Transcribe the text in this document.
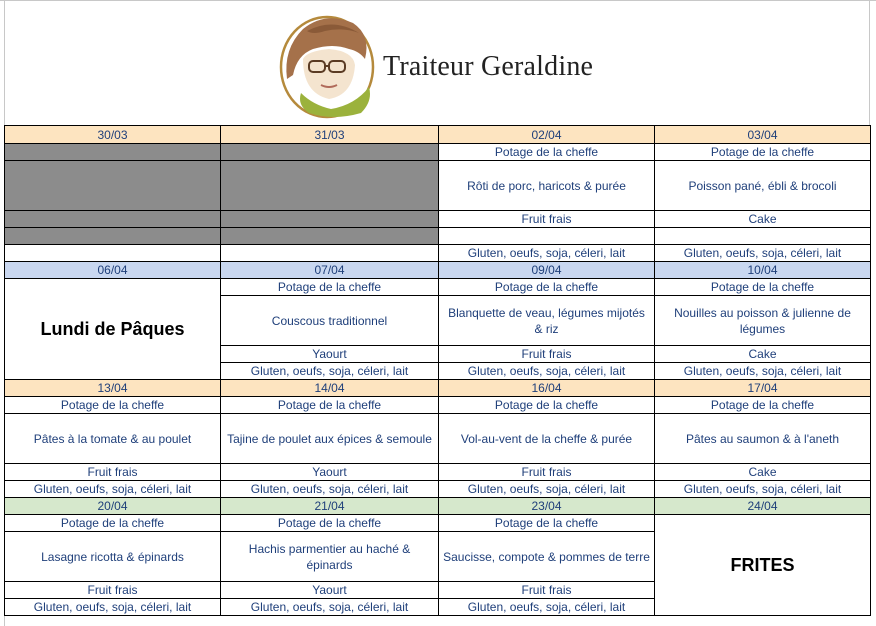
Traiteur Geraldine
30/03	31/03	02/04	03/04
		Potage de la cheffe	Potage de la cheffe
		Rôti de porc, haricots & purée	Poisson pané, ébli & brocoli
		Fruit frais	Cake

		Gluten, oeufs, soja, céleri, lait	Gluten, oeufs, soja, céleri, lait
06/04	07/04	09/04	10/04
Lundi de Pâques	Potage de la cheffe	Potage de la cheffe	Potage de la cheffe
	Couscous traditionnel	Blanquette de veau, légumes mijotés & riz	Nouilles au poisson & julienne de légumes
	Yaourt	Fruit frais	Cake
	Gluten, oeufs, soja, céleri, lait	Gluten, oeufs, soja, céleri, lait	Gluten, oeufs, soja, céleri, lait
13/04	14/04	16/04	17/04
Potage de la cheffe	Potage de la cheffe	Potage de la cheffe	Potage de la cheffe
Pâtes à la tomate & au poulet	Tajine de poulet aux épices & semoule	Vol-au-vent de la cheffe & purée	Pâtes au saumon & à l'aneth
Fruit frais	Yaourt	Fruit frais	Cake
Gluten, oeufs, soja, céleri, lait	Gluten, oeufs, soja, céleri, lait	Gluten, oeufs, soja, céleri, lait	Gluten, oeufs, soja, céleri, lait
20/04	21/04	23/04	24/04
Potage de la cheffe	Potage de la cheffe	Potage de la cheffe	FRITES
Lasagne ricotta & épinards	Hachis parmentier au haché & épinards	Saucisse, compote & pommes de terre	
Fruit frais	Yaourt	Fruit frais	
Gluten, oeufs, soja, céleri, lait	Gluten, oeufs, soja, céleri, lait	Gluten, oeufs, soja, céleri, lait	
